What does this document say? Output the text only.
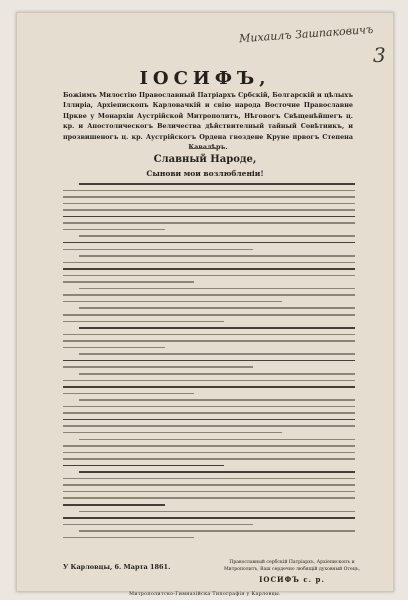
Михаилъ Зашпаковичъ
3
ІОСИФЪ,
Божіимъ Милостію Православный Патріархъ Србскій, Болгарскій и цѣлыхъ Іллиріа, Архіепископъ Карловачкій и свію народа Восточне Православне Цркве у Монархіи Аустрійской Митрополитъ, Нѣговогъ Свѣщенѣйшегъ ц. кр. и Апостолическогъ Величества дѣйствителный тайный Совѣтникъ, и прозвишеногъ ц. кр. Аустрійскогъ Ордена гвоздене Круне првогъ Степена Кавалѣръ.
Славный Народе,
Сынови мои возлюбленіи!
У Карловцы, 6. Марта 1861.
Православный сербскій Патріархъ, Архіепископъ и Митрополитъ, Ваш сердечно любящій духовный Отецъ,
ІОСИФЪ с. р.
Митрополитско-Гимназійска Типографія у Карловцы.
